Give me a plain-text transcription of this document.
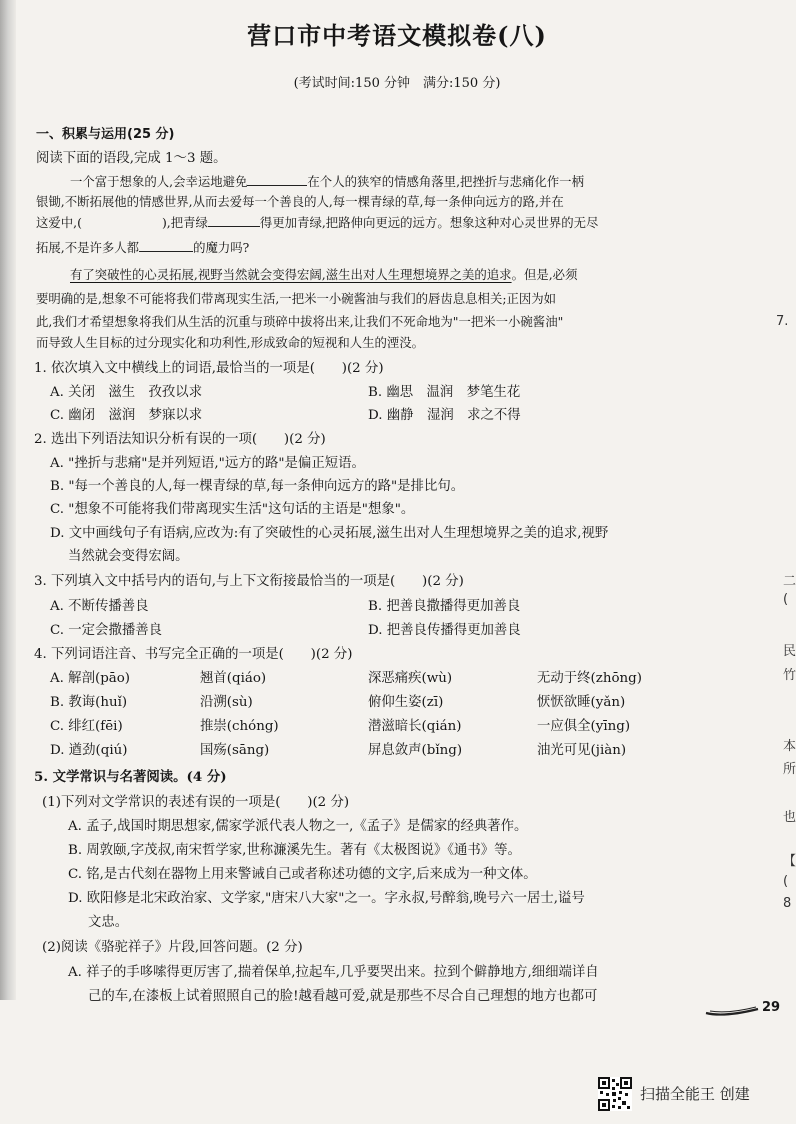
营口市中考语文模拟卷(八)
(考试时间:150 分钟　满分:150 分)
一、积累与运用(25 分)
阅读下面的语段,完成 1～3 题。
一个富于想象的人,会幸运地避免	在个人的狭窄的情感角落里,把挫折与悲痛化作一柄
银锄,不断拓展他的情感世界,从而去爱每一个善良的人,每一棵青绿的草,每一条伸向远方的路,并在
这爱中,(	),把青绿	得更加青绿,把路伸向更远的远方。想象这种对心灵世界的无尽
拓展,不是许多人都	的魔力吗?
有了突破性的心灵拓展,视野当然就会变得宏阔,滋生出对人生理想境界之美的追求。但是,必须
要明确的是,想象不可能将我们带离现实生活,一把米一小碗酱油与我们的唇齿息息相关;正因为如
此,我们才希望想象将我们从生活的沉重与琐碎中拔将出来,让我们不死命地为"一把米一小碗酱油"
而导致人生目标的过分现实化和功利性,形成致命的短视和人生的湮没。
1. 依次填入文中横线上的词语,最恰当的一项是(　　)(2 分)
A. 关闭　滋生　孜孜以求	B. 幽思　温润　梦笔生花
C. 幽闭　滋润　梦寐以求	D. 幽静　湿润　求之不得
2. 选出下列语法知识分析有误的一项(　　)(2 分)
A. "挫折与悲痛"是并列短语,"远方的路"是偏正短语。
B. "每一个善良的人,每一棵青绿的草,每一条伸向远方的路"是排比句。
C. "想象不可能将我们带离现实生活"这句话的主语是"想象"。
D. 文中画线句子有语病,应改为:有了突破性的心灵拓展,滋生出对人生理想境界之美的追求,视野
当然就会变得宏阔。
3. 下列填入文中括号内的语句,与上下文衔接最恰当的一项是(　　)(2 分)
A. 不断传播善良	B. 把善良撒播得更加善良
C. 一定会撒播善良	D. 把善良传播得更加善良
4. 下列词语注音、书写完全正确的一项是(　　)(2 分)
A. 解剖(pāo)	翘首(qiáo)	深恶痛疾(wù)	无动于终(zhōng)
B. 教诲(huǐ)	沿溯(sù)	俯仰生姿(zī)	恹恹欲睡(yǎn)
C. 绯红(fēi)	推崇(chóng)	潜滋暗长(qián)	一应俱全(yīng)
D. 遒劲(qiú)	国殇(sāng)	屏息敛声(bǐng)	油光可见(jiàn)
5. 文学常识与名著阅读。(4 分)
(1)下列对文学常识的表述有误的一项是(　　)(2 分)
A. 孟子,战国时期思想家,儒家学派代表人物之一,《孟子》是儒家的经典著作。
B. 周敦颐,字茂叔,南宋哲学家,世称濂溪先生。著有《太极图说》《通书》等。
C. 铭,是古代刻在器物上用来警诫自己或者称述功德的文字,后来成为一种文体。
D. 欧阳修是北宋政治家、文学家,"唐宋八大家"之一。字永叔,号醉翁,晚号六一居士,谥号
文忠。
(2)阅读《骆驼祥子》片段,回答问题。(2 分)
A. 祥子的手哆嗦得更厉害了,揣着保单,拉起车,几乎要哭出来。拉到个僻静地方,细细端详自
己的车,在漆板上试着照照自己的脸!越看越可爱,就是那些不尽合自己理想的地方也都可
29
7.
二
(
民
竹
本
所
也
【
(
8
扫描全能王 创建
